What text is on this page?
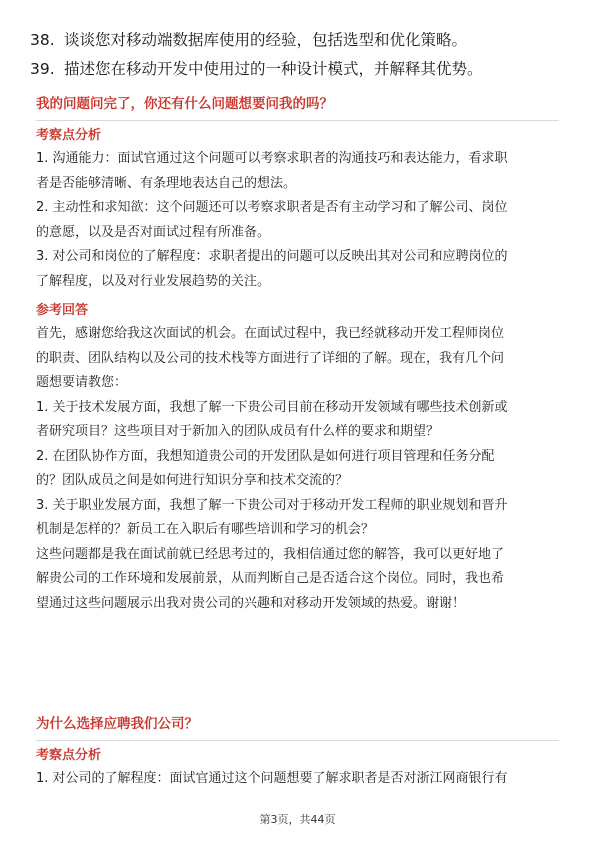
38. 谈谈您对移动端数据库使用的经验，包括选型和优化策略。
39. 描述您在移动开发中使用过的一种设计模式，并解释其优势。
我的问题问完了，你还有什么问题想要问我的吗？
考察点分析
1. 沟通能力：面试官通过这个问题可以考察求职者的沟通技巧和表达能力，看求职
者是否能够清晰、有条理地表达自己的想法。
2. 主动性和求知欲：这个问题还可以考察求职者是否有主动学习和了解公司、岗位
的意愿，以及是否对面试过程有所准备。
3. 对公司和岗位的了解程度：求职者提出的问题可以反映出其对公司和应聘岗位的
了解程度，以及对行业发展趋势的关注。
参考回答
首先，感谢您给我这次面试的机会。在面试过程中，我已经就移动开发工程师岗位
的职责、团队结构以及公司的技术栈等方面进行了详细的了解。现在，我有几个问
题想要请教您：
1. 关于技术发展方面，我想了解一下贵公司目前在移动开发领域有哪些技术创新或
者研究项目？这些项目对于新加入的团队成员有什么样的要求和期望？
2. 在团队协作方面，我想知道贵公司的开发团队是如何进行项目管理和任务分配
的？团队成员之间是如何进行知识分享和技术交流的？
3. 关于职业发展方面，我想了解一下贵公司对于移动开发工程师的职业规划和晋升
机制是怎样的？新员工在入职后有哪些培训和学习的机会？
这些问题都是我在面试前就已经思考过的，我相信通过您的解答，我可以更好地了
解贵公司的工作环境和发展前景，从而判断自己是否适合这个岗位。同时，我也希
望通过这些问题展示出我对贵公司的兴趣和对移动开发领域的热爱。谢谢！
为什么选择应聘我们公司？
考察点分析
1. 对公司的了解程度：面试官通过这个问题想要了解求职者是否对浙江网商银行有
第3页，共44页
